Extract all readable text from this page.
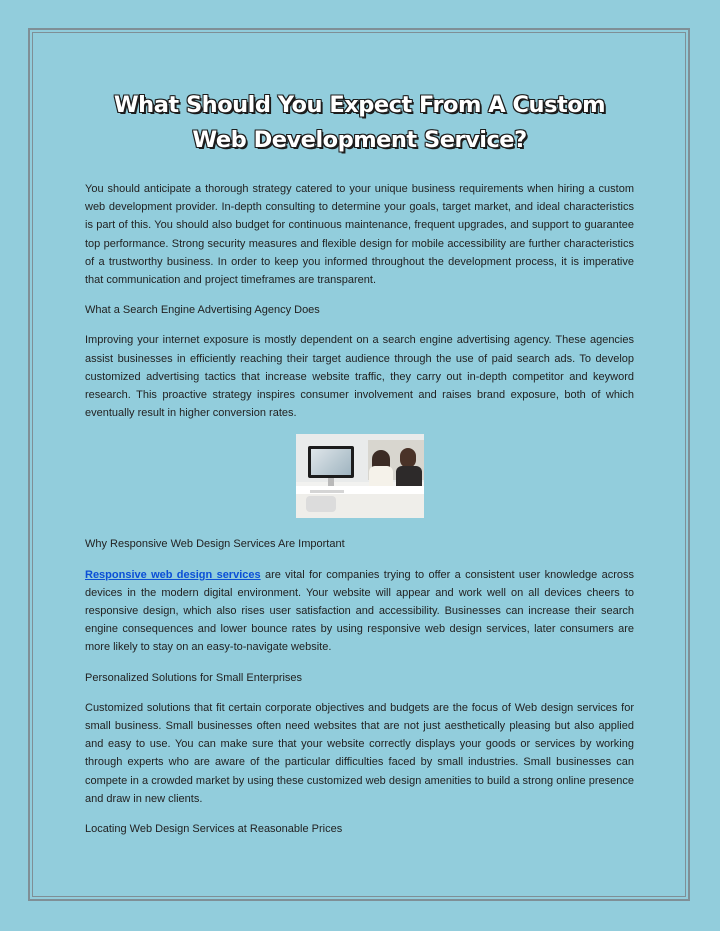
What Should You Expect From A Custom
Web Development Service?

You should anticipate a thorough strategy catered to your unique business requirements when hiring a custom web development provider. In-depth consulting to determine your goals, target market, and ideal characteristics is part of this. You should also budget for continuous maintenance, frequent upgrades, and support to guarantee top performance. Strong security measures and flexible design for mobile accessibility are further characteristics of a trustworthy business. In order to keep you informed throughout the development process, it is imperative that communication and project timeframes are transparent.

What a Search Engine Advertising Agency Does

Improving your internet exposure is mostly dependent on a search engine advertising agency. These agencies assist businesses in efficiently reaching their target audience through the use of paid search ads. To develop customized advertising tactics that increase website traffic, they carry out in-depth competitor and keyword research. This proactive strategy inspires consumer involvement and raises brand exposure, both of which eventually result in higher conversion rates.

Why Responsive Web Design Services Are Important

Responsive web design services are vital for companies trying to offer a consistent user knowledge across devices in the modern digital environment. Your website will appear and work well on all devices cheers to responsive design, which also rises user satisfaction and accessibility. Businesses can increase their search engine consequences and lower bounce rates by using responsive web design services, later consumers are more likely to stay on an easy-to-navigate website.

Personalized Solutions for Small Enterprises

Customized solutions that fit certain corporate objectives and budgets are the focus of Web design services for small business. Small businesses often need websites that are not just aesthetically pleasing but also applied and easy to use. You can make sure that your website correctly displays your goods or services by working through experts who are aware of the particular difficulties faced by small industries. Small businesses can compete in a crowded market by using these customized web design amenities to build a strong online presence and draw in new clients.

Locating Web Design Services at Reasonable Prices
